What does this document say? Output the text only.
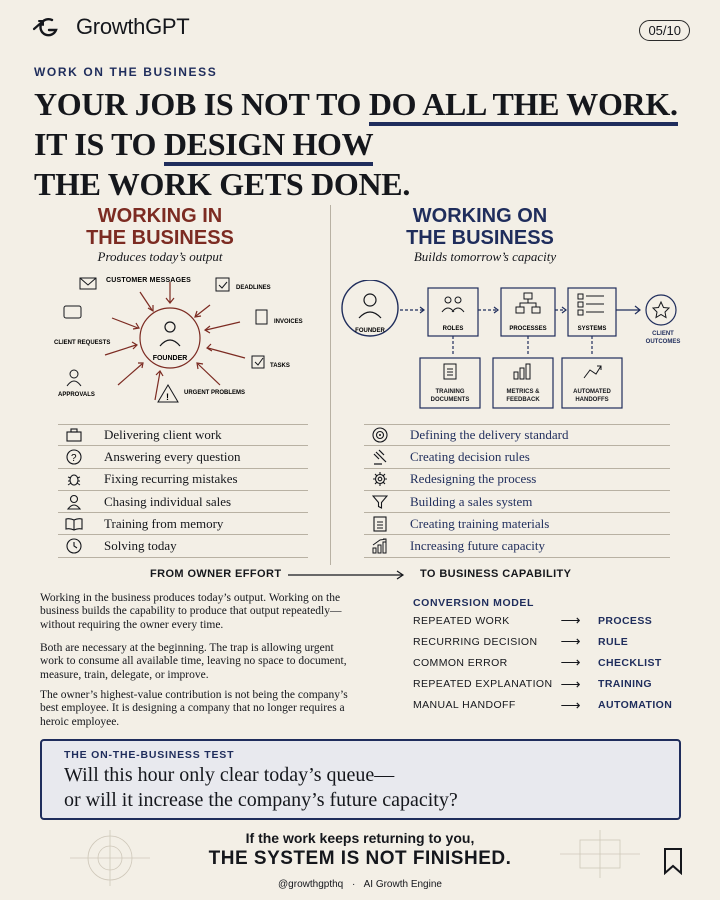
GrowthGPT	05/10
WORK ON THE BUSINESS
YOUR JOB IS NOT TO DO ALL THE WORK.
IT IS TO DESIGN HOW
THE WORK GETS DONE.
WORKING IN
THE BUSINESS
Produces today’s output
FOUNDER
!
CUSTOMER MESSAGES
DEADLINES
INVOICES
CLIENT REQUESTS
TASKS
APPROVALS	URGENT PROBLEMS
Delivering client work
?	Answering every question
Fixing recurring mistakes
Chasing individual sales
Training from memory
Solving today
WORKING ON
THE BUSINESS
Builds tomorrow’s capacity
FOUNDER	ROLES	PROCESSES	SYSTEMS
CLIENT OUTCOMES
TRAINING DOCUMENTS
METRICS & FEEDBACK
AUTOMATED HANDOFFS
Defining the delivery standard
Creating decision rules
Redesigning the process
Building a sales system
Creating training materials
Increasing future capacity
FROM OWNER EFFORT	TO BUSINESS CAPABILITY
Working in the business produces today’s output. Working on the business builds the capability to produce that output repeatedly—without requiring the owner every time.
Both are necessary at the beginning. The trap is allowing urgent work to consume all available time, leaving no space to document, measure, train, delegate, or improve.
The owner’s highest-value contribution is not being the company’s best employee. It is designing a company that no longer requires a heroic employee.
CONVERSION MODEL
REPEATED WORK	⟶	PROCESS
RECURRING DECISION	⟶	RULE
COMMON ERROR	⟶	CHECKLIST
REPEATED EXPLANATION ⟶	TRAINING
MANUAL HANDOFF	⟶	AUTOMATION
THE ON-THE-BUSINESS TEST
Will this hour only clear today’s queue—
or will it increase the company’s future capacity?
If the work keeps returning to you,
THE SYSTEM IS NOT FINISHED.
@growthgpthq · AI Growth Engine
